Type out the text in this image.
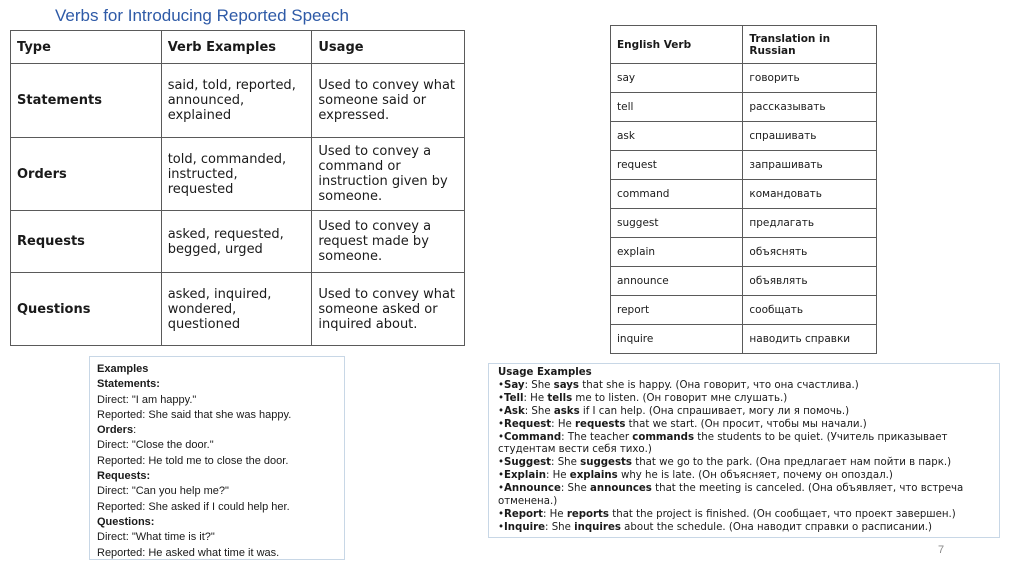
Verbs for Introducing Reported Speech
Type	Verb Examples	Usage
Statements	said, told, reported, announced, explained	Used to convey what someone said or expressed.
Orders	told, commanded, instructed, requested	Used to convey a command or instruction given by someone.
Requests	asked, requested, begged, urged	Used to convey a request made by someone.
Questions	asked, inquired, wondered, questioned	Used to convey what someone asked or inquired about.
English Verb	Translation in Russian
say	говорить
tell	рассказывать
ask	спрашивать
request	запрашивать
command	командовать
suggest	предлагать
explain	объяснять
announce	объявлять
report	сообщать
inquire	наводить справки
Examples
Statements:
Direct: "I am happy."
Reported: She said that she was happy.
Orders:
Direct: "Close the door."
Reported: He told me to close the door.
Requests:
Direct: "Can you help me?"
Reported: She asked if I could help her.
Questions:
Direct: "What time is it?"
Reported: He asked what time it was.
Usage Examples
•Say: She says that she is happy. (Она говорит, что она счастлива.)
•Tell: He tells me to listen. (Он говорит мне слушать.)
•Ask: She asks if I can help. (Она спрашивает, могу ли я помочь.)
•Request: He requests that we start. (Он просит, чтобы мы начали.)
•Command: The teacher commands the students to be quiet. (Учитель приказывает студентам вести себя тихо.)
•Suggest: She suggests that we go to the park. (Она предлагает нам пойти в парк.)
•Explain: He explains why he is late. (Он объясняет, почему он опоздал.)
•Announce: She announces that the meeting is canceled. (Она объявляет, что встреча отменена.)
•Report: He reports that the project is finished. (Он сообщает, что проект завершен.)
•Inquire: She inquires about the schedule. (Она наводит справки о расписании.)
7
